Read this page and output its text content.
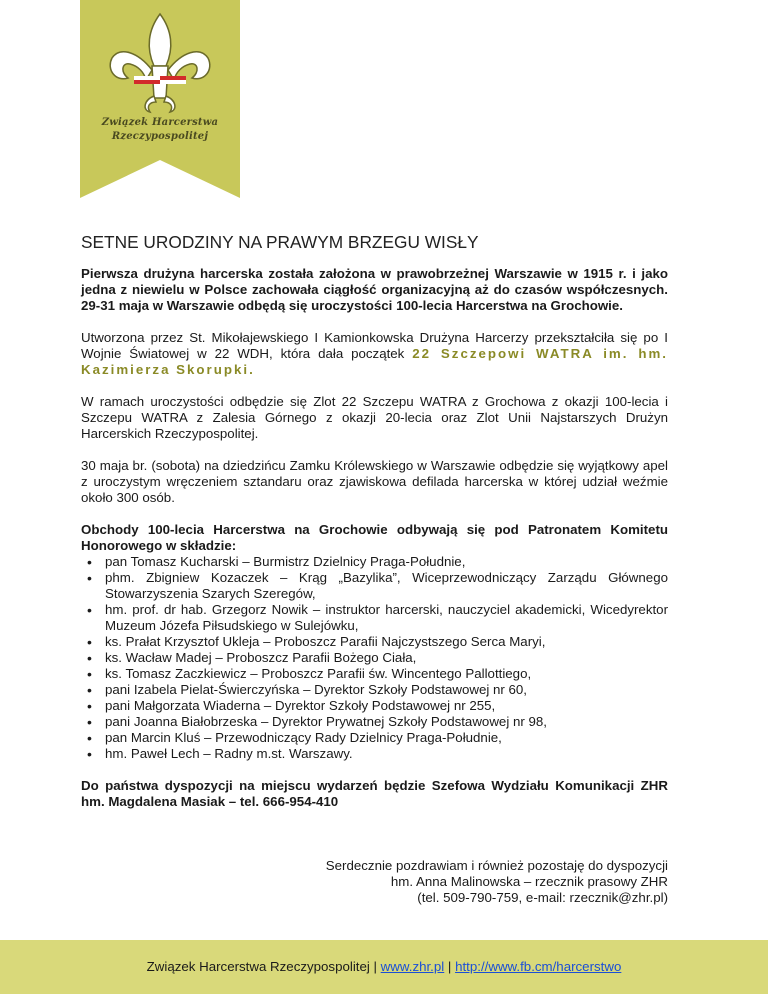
Związek Harcerstwa
Rzeczypospolitej
SETNE URODZINY NA PRAWYM BRZEGU WISŁY

Pierwsza drużyna harcerska została założona w prawobrzeżnej Warszawie w 1915 r. i jako jedna z niewielu w Polsce zachowała ciągłość organizacyjną aż do czasów współczesnych. 29-31 maja w Warszawie odbędą się uroczystości 100-lecia Harcerstwa na Grochowie.

Utworzona przez St. Mikołajewskiego I Kamionkowska Drużyna Harcerzy przekształciła się po I Wojnie Światowej w 22 WDH, która dała początek 22 Szczepowi WATRA im. hm. Kazimierza Skorupki.

W ramach uroczystości odbędzie się Zlot 22 Szczepu WATRA z Grochowa z okazji 100-lecia i Szczepu WATRA z Zalesia Górnego z okazji 20-lecia oraz Zlot Unii Najstarszych Drużyn Harcerskich Rzeczypospolitej.

30 maja br. (sobota) na dziedzińcu Zamku Królewskiego w Warszawie odbędzie się wyjątkowy apel z uroczystym wręczeniem sztandaru oraz zjawiskowa defilada harcerska w której udział weźmie około 300 osób.

Obchody 100‑lecia Harcerstwa na Grochowie odbywają się pod Patronatem Komitetu Honorowego w składzie:

• pan Tomasz Kucharski – Burmistrz Dzielnicy Praga‑Południe,
• phm. Zbigniew Kozaczek – Krąg „Bazylika”, Wiceprzewodniczący Zarządu Głównego Stowarzyszenia Szarych Szeregów,
• hm. prof. dr hab. Grzegorz Nowik – instruktor harcerski, nauczyciel akademicki, Wicedyrektor Muzeum Józefa Piłsudskiego w Sulejówku,
• ks. Prałat Krzysztof Ukleja – Proboszcz Parafii Najczystszego Serca Maryi,
• ks. Wacław Madej – Proboszcz Parafii Bożego Ciała,
• ks. Tomasz Zaczkiewicz – Proboszcz Parafii św. Wincentego Pallottiego,
• pani Izabela Pielat-Świerczyńska – Dyrektor Szkoły Podstawowej nr 60,
• pani Małgorzata Wiaderna – Dyrektor Szkoły Podstawowej nr 255,
• pani Joanna Białobrzeska – Dyrektor Prywatnej Szkoły Podstawowej nr 98,
• pan Marcin Kluś – Przewodniczący Rady Dzielnicy Praga‑Południe,
• hm. Paweł Lech – Radny m.st. Warszawy.

Do państwa dyspozycji na miejscu wydarzeń będzie Szefowa Wydziału Komunikacji ZHR hm. Magdalena Masiak – tel. 666-954-410

Serdecznie pozdrawiam i również pozostaję do dyspozycji
hm. Anna Malinowska – rzecznik prasowy ZHR
(tel. 509-790-759, e-mail: rzecznik@zhr.pl)
Związek Harcerstwa Rzeczypospolitej | www.zhr.pl | http://www.fb.cm/harcerstwo
